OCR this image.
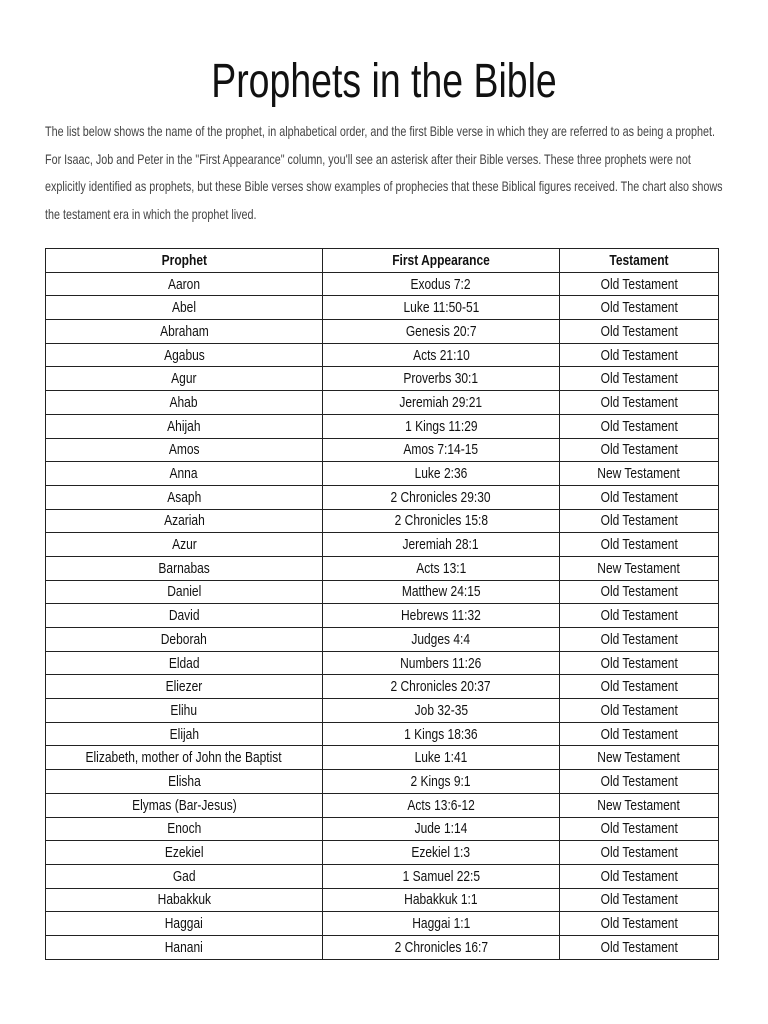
Prophets in the Bible

The list below shows the name of the prophet, in alphabetical order, and the first Bible verse in which they are referred to as being a prophet. For Isaac, Job and Peter in the "First Appearance" column, you'll see an asterisk after their Bible verses. These three prophets were not explicitly identified as prophets, but these Bible verses show examples of prophecies that these Biblical figures received. The chart also shows the testament era in which the prophet lived.

Prophet	First Appearance	Testament
Aaron	Exodus 7:2	Old Testament
Abel	Luke 11:50-51	Old Testament
Abraham	Genesis 20:7	Old Testament
Agabus	Acts 21:10	Old Testament
Agur	Proverbs 30:1	Old Testament
Ahab	Jeremiah 29:21	Old Testament
Ahijah	1 Kings 11:29	Old Testament
Amos	Amos 7:14-15	Old Testament
Anna	Luke 2:36	New Testament
Asaph	2 Chronicles 29:30	Old Testament
Azariah	2 Chronicles 15:8	Old Testament
Azur	Jeremiah 28:1	Old Testament
Barnabas	Acts 13:1	New Testament
Daniel	Matthew 24:15	Old Testament
David	Hebrews 11:32	Old Testament
Deborah	Judges 4:4	Old Testament
Eldad	Numbers 11:26	Old Testament
Eliezer	2 Chronicles 20:37	Old Testament
Elihu	Job 32-35	Old Testament
Elijah	1 Kings 18:36	Old Testament
Elizabeth, mother of John the Baptist	Luke 1:41	New Testament
Elisha	2 Kings 9:1	Old Testament
Elymas (Bar-Jesus)	Acts 13:6-12	New Testament
Enoch	Jude 1:14	Old Testament
Ezekiel	Ezekiel 1:3	Old Testament
Gad	1 Samuel 22:5	Old Testament
Habakkuk	Habakkuk 1:1	Old Testament
Haggai	Haggai 1:1	Old Testament
Hanani	2 Chronicles 16:7	Old Testament
